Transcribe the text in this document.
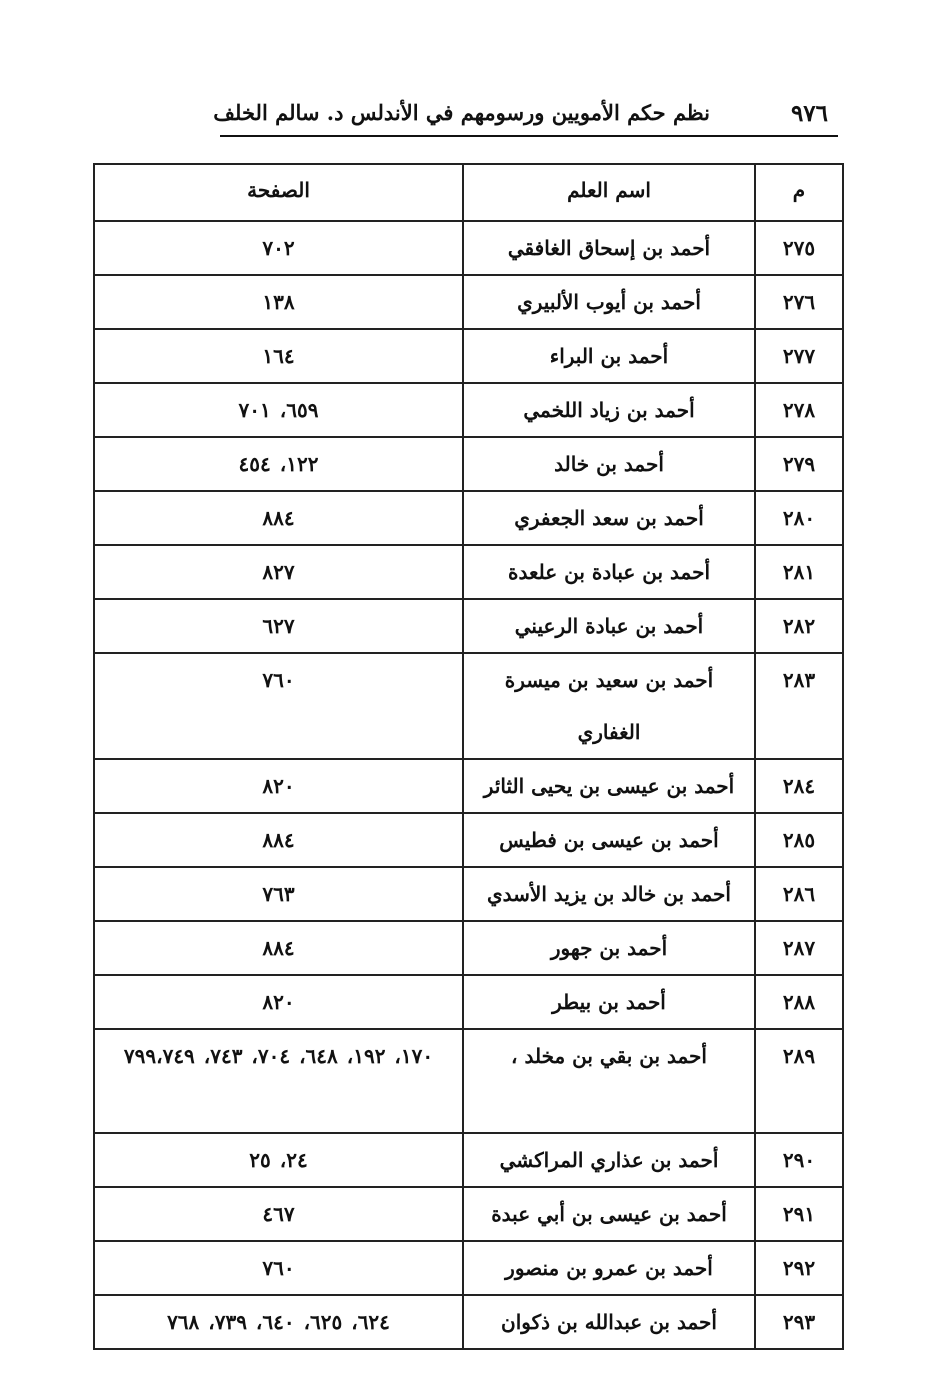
٩٧٦
نظم حكم الأمويين ورسومهم في الأندلس د. سالم الخلف
م	اسم العلم	الصفحة
٢٧٥	أحمد بن إسحاق الغافقي	٧٠٢
٢٧٦	أحمد بن أيوب الألبيري	١٣٨
٢٧٧	أحمد بن البراء	١٦٤
٢٧٨	أحمد بن زياد اللخمي	٦٥٩، ٧٠١
٢٧٩	أحمد بن خالد	١٢٢، ٤٥٤
٢٨٠	أحمد بن سعد الجعفري	٨٨٤
٢٨١	أحمد بن عبادة بن علعدة	٨٢٧
٢٨٢	أحمد بن عبادة الرعيني	٦٢٧
٢٨٣	أحمد بن سعيد بن ميسرة الغفاري	٧٦٠
٢٨٤	أحمد بن عيسى بن يحيى الثائر	٨٢٠
٢٨٥	أحمد بن عيسى بن فطيس	٨٨٤
٢٨٦	أحمد بن خالد بن يزيد الأسدي	٧٦٣
٢٨٧	أحمد بن جهور	٨٨٤
٢٨٨	أحمد بن بيطر	٨٢٠
٢٨٩	أحمد بن بقي بن مخلد ،	١٧٠، ١٩٢، ٦٤٨، ٧٠٤، ٧٤٣، ٧٩٩،٧٤٩
٢٩٠	أحمد بن عذاري المراكشي	٢٤، ٢٥
٢٩١	أحمد بن عيسى بن أبي عبدة	٤٦٧
٢٩٢	أحمد بن عمرو بن منصور	٧٦٠
٢٩٣	أحمد بن عبدالله بن ذكوان	٦٢٤، ٦٢٥، ٦٤٠، ٧٣٩، ٧٦٨
